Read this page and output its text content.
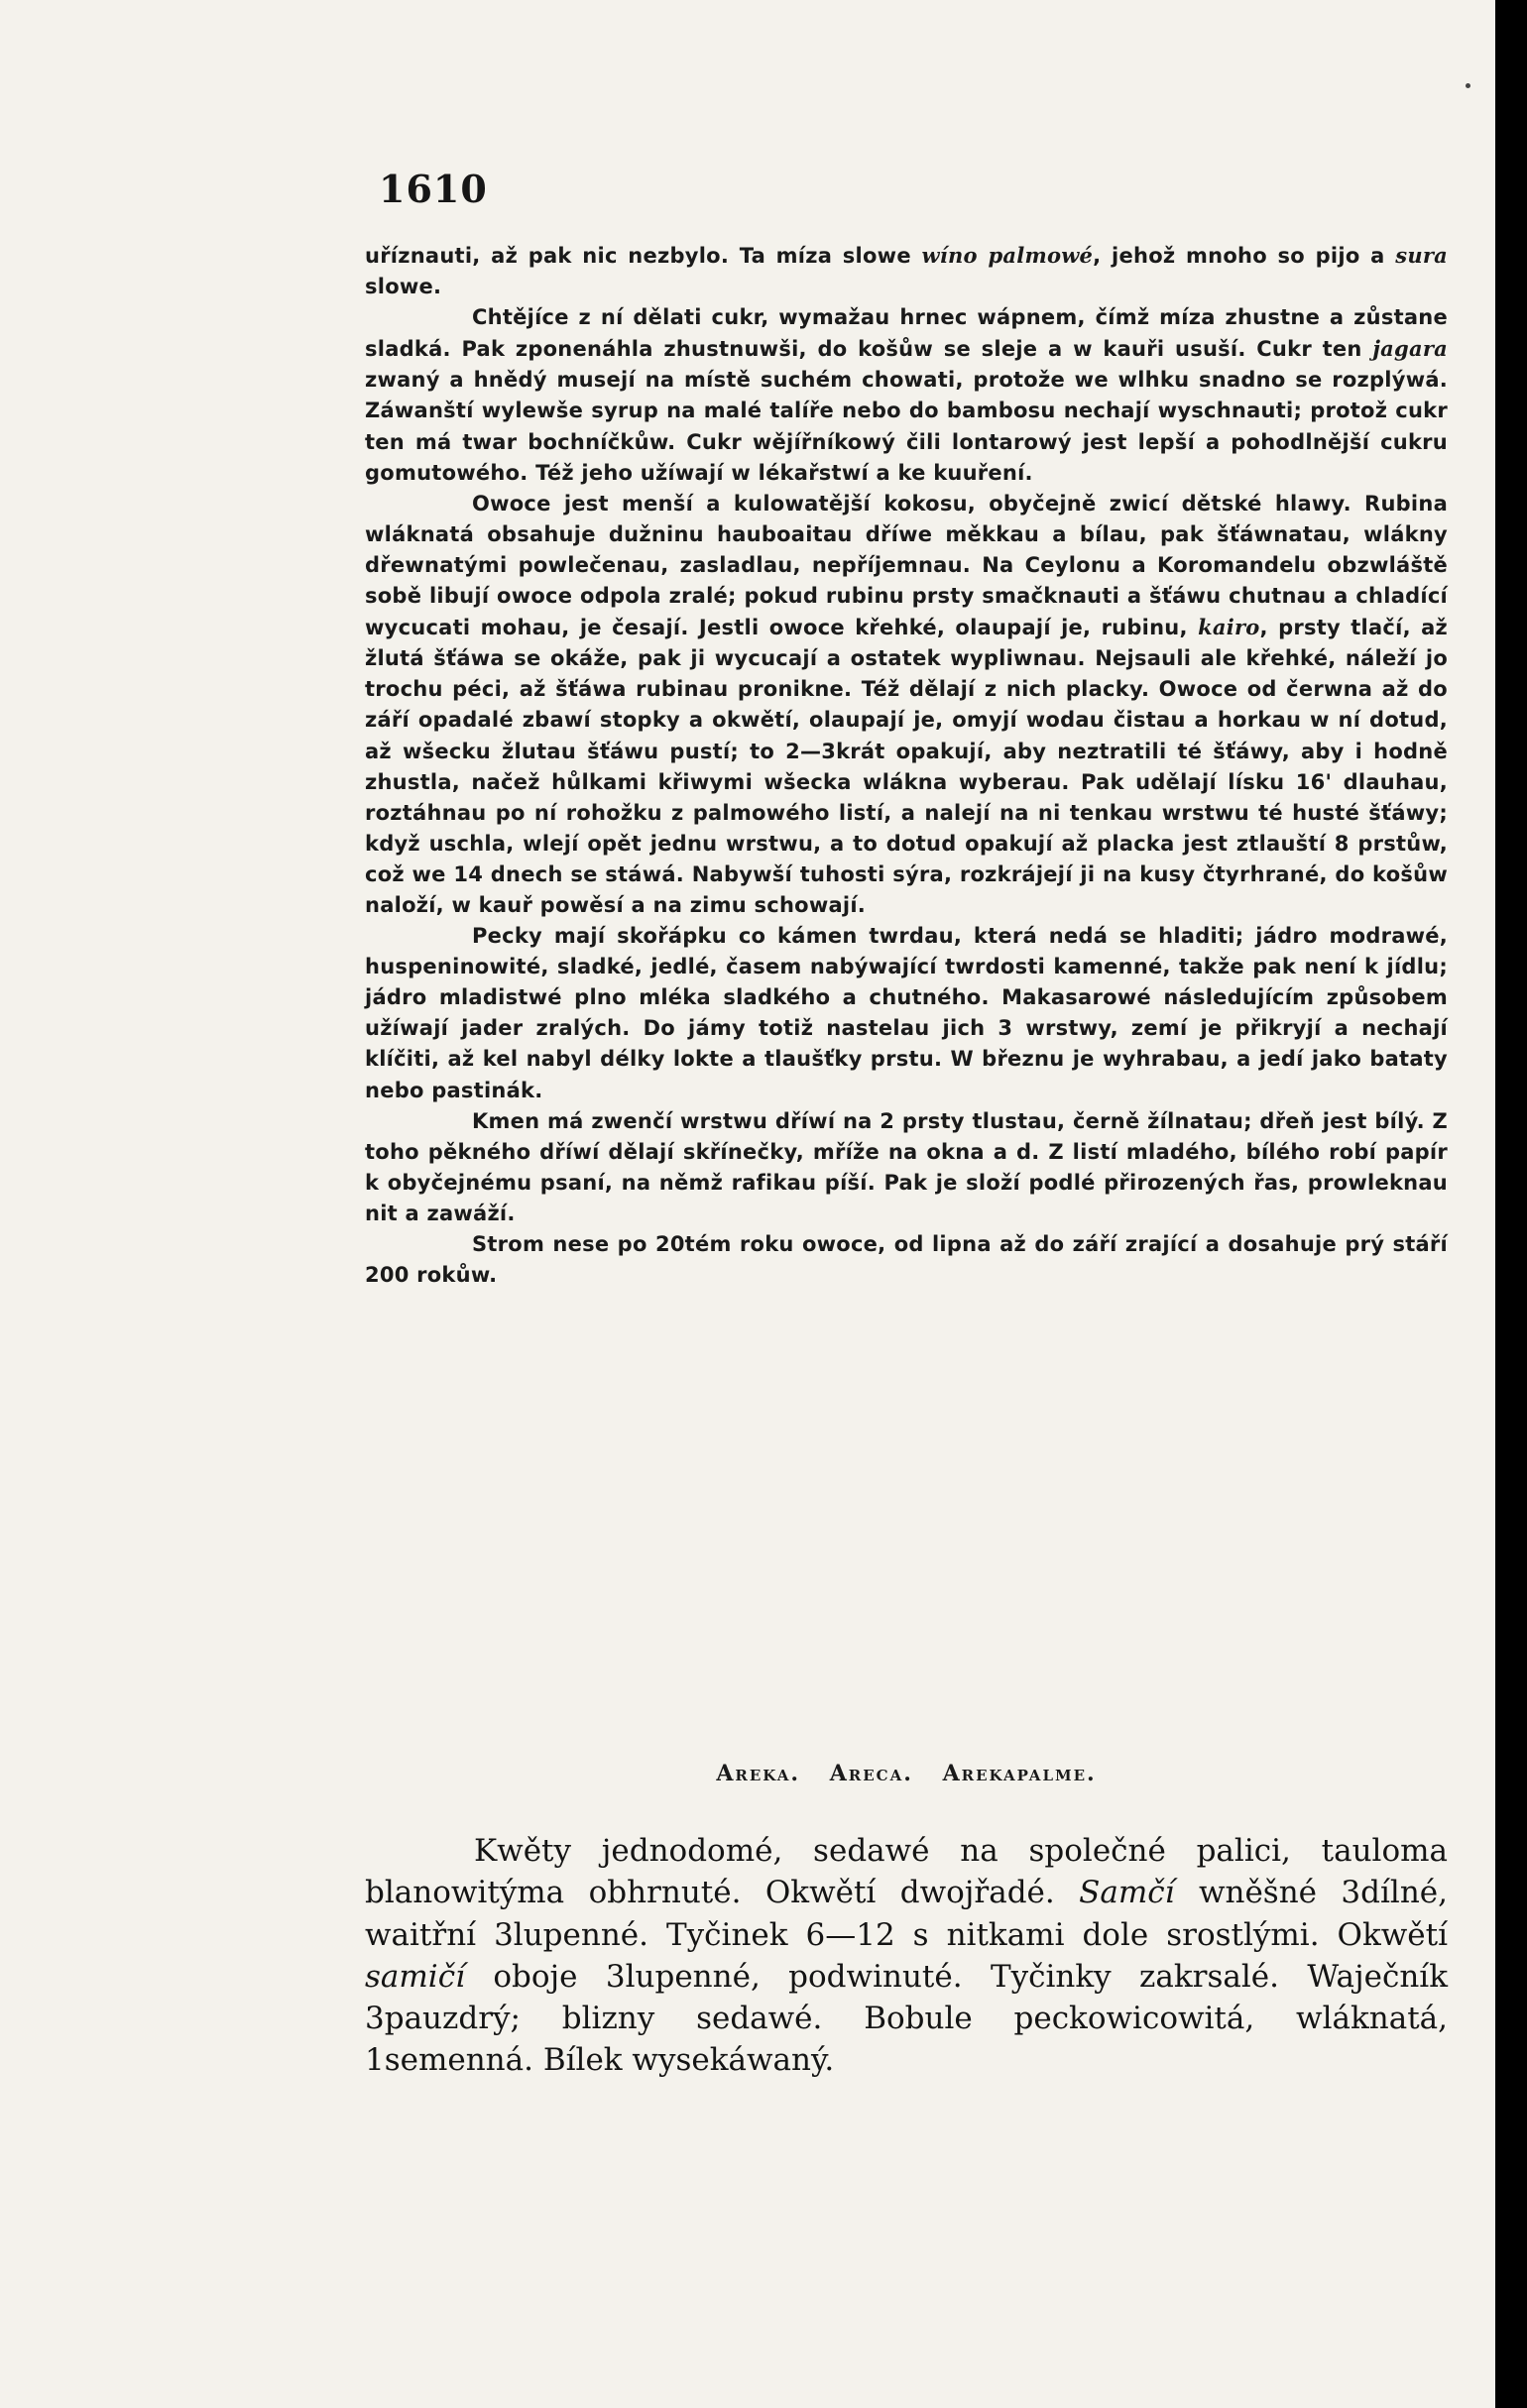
1610

uříznauti, až pak nic nezbylo. Ta míza slowe wíno palmowé, jehož mnoho so pijo a sura slowe.

Chtějíce z ní dělati cukr, wymažau hrnec wápnem, čímž míza zhustne a zůstane sladká. Pak zponenáhla zhustnuwši, do košůw se sleje a w kauři usuší. Cukr ten jagara zwaný a hnědý musejí na místě suchém chowati, protože we wlhku snadno se rozplýwá. Záwanští wylewše syrup na malé talíře nebo do bambosu nechají wyschnauti; protož cukr ten má twar bochníčkůw. Cukr wějířníkowý čili lontarowý jest lepší a pohodlnější cukru gomutowého. Též jeho užíwají w lékařstwí a ke kuuření.

Owoce jest menší a kulowatější kokosu, obyčejně zwicí dětské hlawy. Rubina wláknatá obsahuje dužninu hauboaitau dříwe měkkau a bílau, pak šťáwnatau, wlákny dřewnatými powlečenau, zasladlau, nepříjemnau. Na Ceylonu a Koromandelu obzwláště sobě libují owoce odpola zralé; pokud rubinu prsty smačknauti a šťáwu chutnau a chladící wycucati mohau, je česají. Jestli owoce křehké, olaupají je, rubinu, kairo, prsty tlačí, až žlutá šťáwa se okáže, pak ji wycucají a ostatek wypliwnau. Nejsauli ale křehké, náleží jo trochu péci, až šťáwa rubinau pronikne. Též dělají z nich placky. Owoce od čerwna až do září opadalé zbawí stopky a okwětí, olaupají je, omyjí wodau čistau a horkau w ní dotud, až wšecku žlutau šťáwu pustí; to 2—3krát opakují, aby neztratili té šťáwy, aby i hodně zhustla, načež hůlkami křiwymi wšecka wlákna wyberau. Pak udělají lísku 16' dlauhau, roztáhnau po ní rohožku z palmowého listí, a nalejí na ni tenkau wrstwu té husté šťáwy; když uschla, wlejí opět jednu wrstwu, a to dotud opakují až placka jest ztlauští 8 prstůw, což we 14 dnech se stáwá. Nabywší tuhosti sýra, rozkrájejí ji na kusy čtyrhrané, do košůw naloží, w kauř powěsí a na zimu schowají.

Pecky mají skořápku co kámen twrdau, která nedá se hladiti; jádro modrawé, huspeninowité, sladké, jedlé, časem nabýwající twrdosti kamenné, takže pak není k jídlu; jádro mladistwé plno mléka sladkého a chutného. Makasarowé následujícím způsobem užíwají jader zralých. Do jámy totiž nastelau jich 3 wrstwy, zemí je přikryjí a nechají klíčiti, až kel nabyl délky lokte a tlaušťky prstu. W březnu je wyhrabau, a jedí jako bataty nebo pastinák.

Kmen má zwenčí wrstwu dříwí na 2 prsty tlustau, černě žílnatau; dřeň jest bílý. Z toho pěkného dříwí dělají skřínečky, mříže na okna a d. Z listí mladého, bílého robí papír k obyčejnému psaní, na němž rafikau píší. Pak je složí podlé přirozených řas, prowleknau nit a zawáží.

Strom nese po 20tém roku owoce, od lipna až do září zrající a dosahuje prý stáří 200 rokůw.

Areka. Areca. Arekapalme.

Kwěty jednodomé, sedawé na společné palici, tauloma blanowitýma obhrnuté. Okwětí dwojřadé. Samčí wněšné 3dílné, waitřní 3lupenné. Tyčinek 6—12 s nitkami dole srostlými. Okwětí samičí oboje 3lupenné, podwinuté. Tyčinky zakrsalé. Waječník 3pauzdrý; blizny sedawé. Bobule peckowicowitá, wláknatá, 1semenná. Bílek wysekáwaný.
